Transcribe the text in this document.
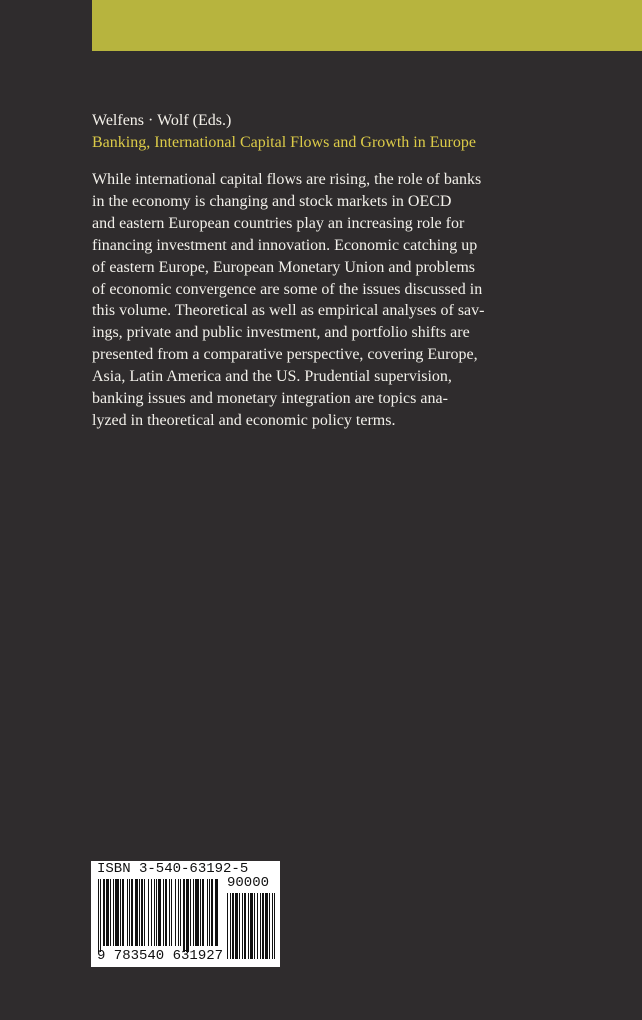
Welfens · Wolf (Eds.)
Banking, International Capital Flows and Growth in Europe
While international capital flows are rising, the role of banks
in the economy is changing and stock markets in OECD
and eastern European countries play an increasing role for
financing investment and innovation. Economic catching up
of eastern Europe, European Monetary Union and problems
of economic convergence are some of the issues discussed in
this volume. Theoretical as well as empirical analyses of sav-
ings, private and public investment, and portfolio shifts are
presented from a comparative perspective, covering Europe,
Asia, Latin America and the US. Prudential supervision,
banking issues and monetary integration are topics ana-
lyzed in theoretical and economic policy terms.
ISBN 3-540-63192-5
90000
9 783540 631927
